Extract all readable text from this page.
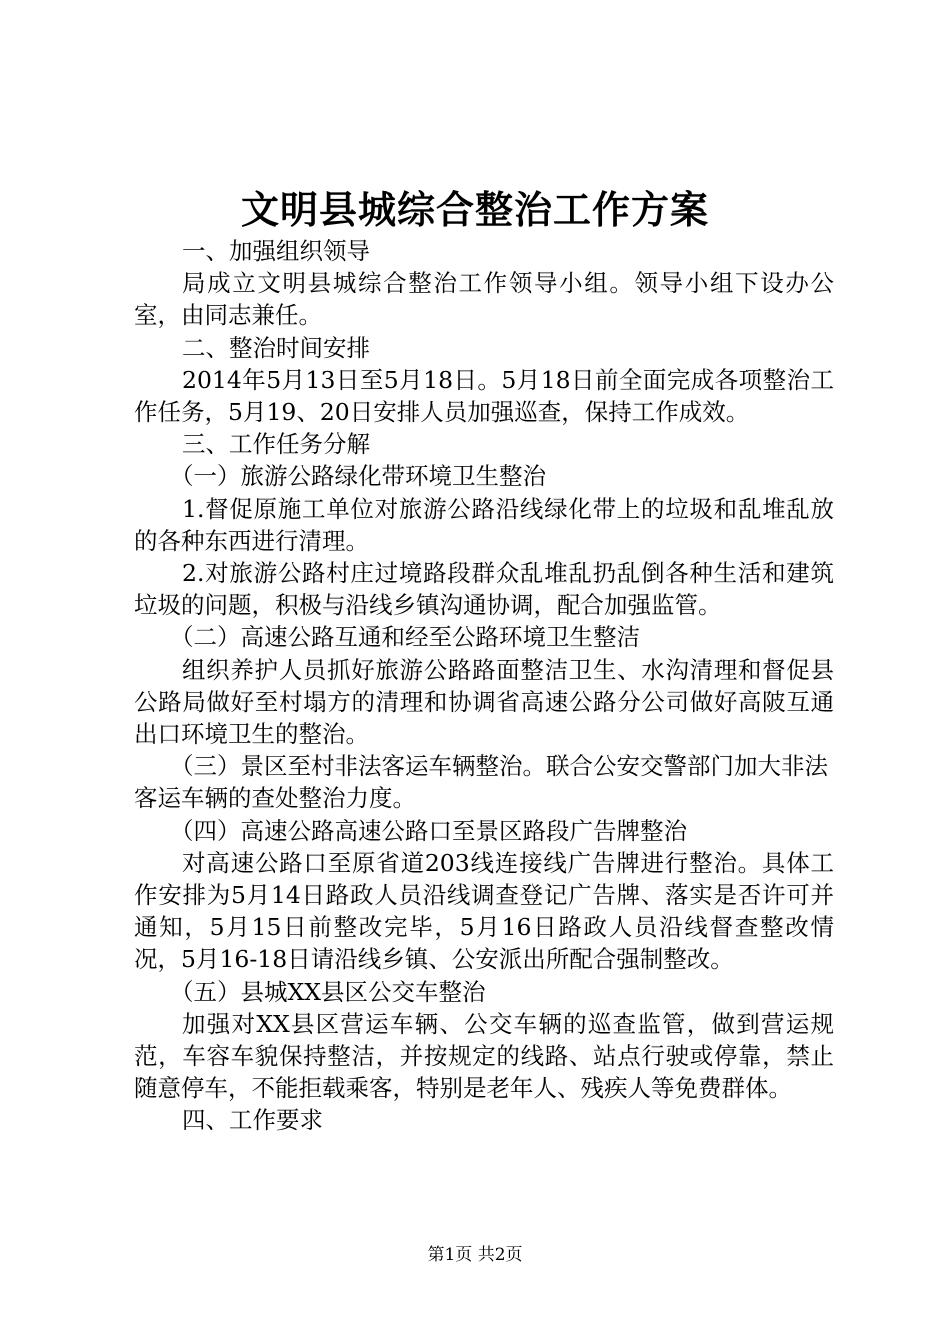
文明县城综合整治工作方案

一、加强组织领导

局成立文明县城综合整治工作领导小组。领导小组下设办公室，由同志兼任。

二、整治时间安排

2014年5月13日至5月18日。5月18日前全面完成各项整治工作任务，5月19、20日安排人员加强巡查，保持工作成效。

三、工作任务分解

（一）旅游公路绿化带环境卫生整治

1.督促原施工单位对旅游公路沿线绿化带上的垃圾和乱堆乱放的各种东西进行清理。

2.对旅游公路村庄过境路段群众乱堆乱扔乱倒各种生活和建筑垃圾的问题，积极与沿线乡镇沟通协调，配合加强监管。

（二）高速公路互通和经至公路环境卫生整洁

组织养护人员抓好旅游公路路面整洁卫生、水沟清理和督促县公路局做好至村塌方的清理和协调省高速公路分公司做好高陂互通出口环境卫生的整治。

（三）景区至村非法客运车辆整治。联合公安交警部门加大非法客运车辆的查处整治力度。

（四）高速公路高速公路口至景区路段广告牌整治

对高速公路口至原省道203线连接线广告牌进行整治。具体工作安排为5月14日路政人员沿线调查登记广告牌、落实是否许可并通知，5月15日前整改完毕，5月16日路政人员沿线督查整改情况，5月16-18日请沿线乡镇、公安派出所配合强制整改。

（五）县城XX县区公交车整治

加强对XX县区营运车辆、公交车辆的巡查监管，做到营运规范，车容车貌保持整洁，并按规定的线路、站点行驶或停靠，禁止随意停车，不能拒载乘客，特别是老年人、残疾人等免费群体。

四、工作要求

第1页 共2页
